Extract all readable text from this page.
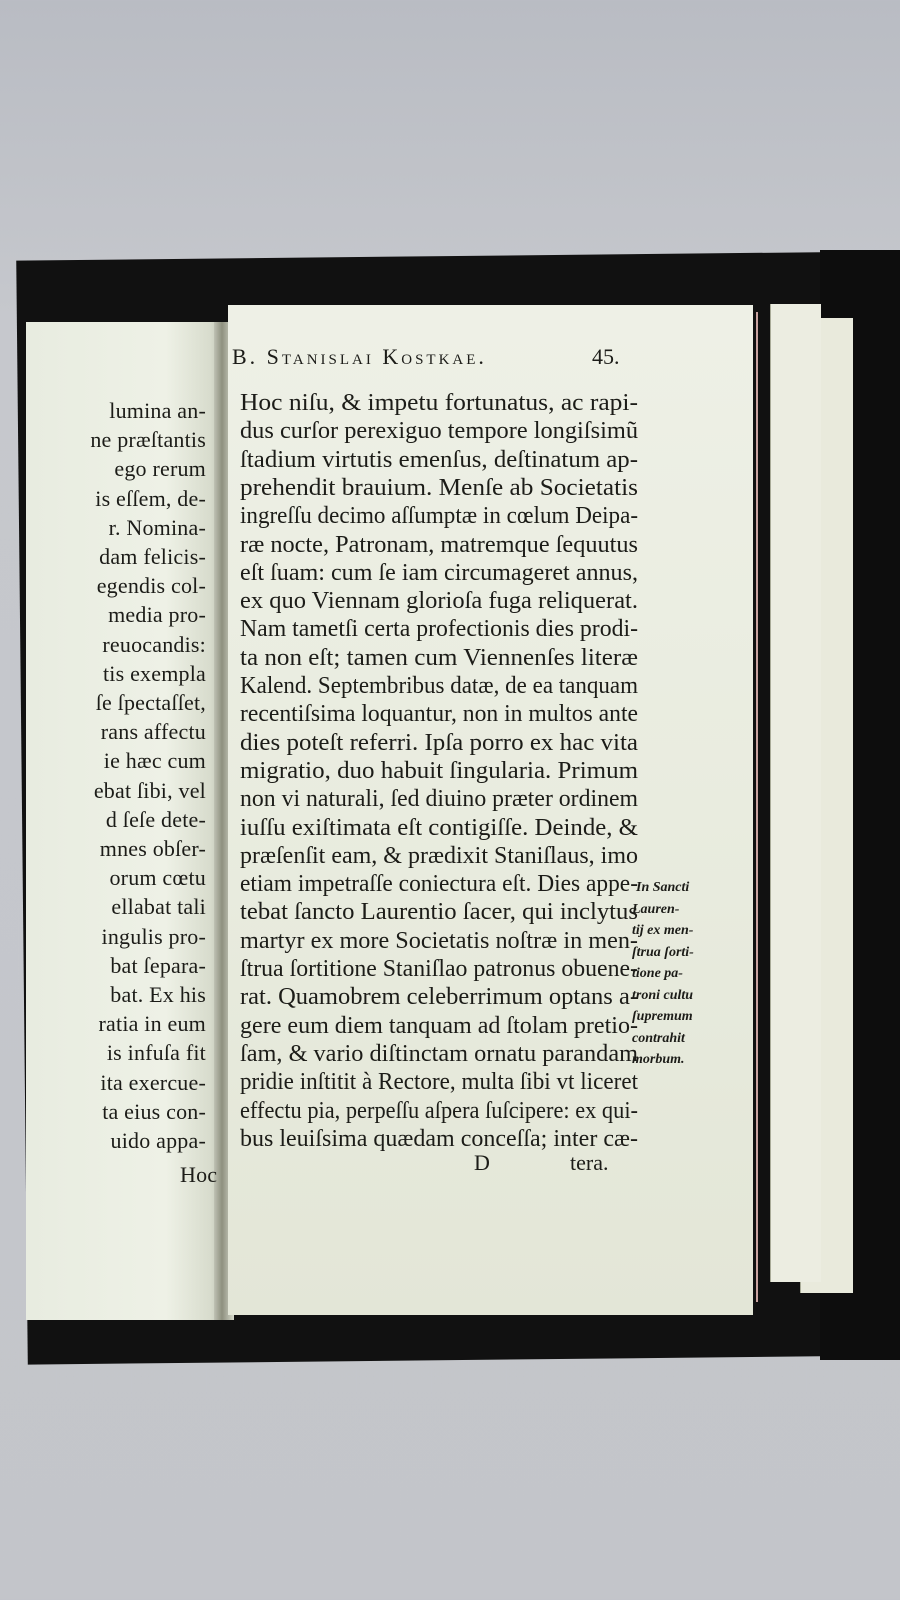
lumina an-
ne præſtantis
ego rerum
is eſſem, de-
r. Nomina-
dam felicis-
egendis col-
media pro-
reuocandis:
tis exempla
ſe ſpectaſſet,
rans affectu
ie hæc cum
ebat ſibi, vel
d ſeſe dete-
mnes obſer-
orum cœtu
ellabat tali
ingulis pro-
bat ſepara-
bat. Ex his
ratia in eum
is infuſa fit
ita exercue-
ta eius con-
uido appa-
Hoc
B. Stanislai Kostkae.	45.
Hoc niſu, & impetu fortunatus, ac rapi-
dus curſor perexiguo tempore longiſsimũ
ſtadium virtutis emenſus, deſtinatum ap-
prehendit brauium. Menſe ab Societatis
ingreſſu decimo aſſumptæ in cœlum Deipa-
ræ nocte, Patronam, matremque ſequutus
eſt ſuam: cum ſe iam circumageret annus,
ex quo Viennam glorioſa fuga reliquerat.
Nam tametſi certa profectionis dies prodi-
ta non eſt; tamen cum Viennenſes literæ
Kalend. Septembribus datæ, de ea tanquam
recentiſsima loquantur, non in multos ante
dies poteſt referri. Ipſa porro ex hac vita
migratio, duo habuit ſingularia. Primum
non vi naturali, ſed diuino præter ordinem
iuſſu exiſtimata eſt contigiſſe. Deinde, &
præſenſit eam, & prædixit Staniſlaus, imo
etiam impetraſſe coniectura eſt. Dies appe-
tebat ſancto Laurentio ſacer, qui inclytus
martyr ex more Societatis noſtræ in men-
ſtrua ſortitione Staniſlao patronus obuene-
rat. Quamobrem celeberrimum optans a-
gere eum diem tanquam ad ſtolam pretio-
ſam, & vario diſtinctam ornatu parandam
pridie inſtitit à Rectore, multa ſibi vt liceret
effectu pia, perpeſſu aſpera ſuſcipere: ex qui-
bus leuiſsima quædam conceſſa; inter cæ-
D	tera.
In Sancti
Lauren-
tij ex men-
ſtrua ſorti-
tione pa-
troni cultu
ſupremum
contrahit
morbum.
